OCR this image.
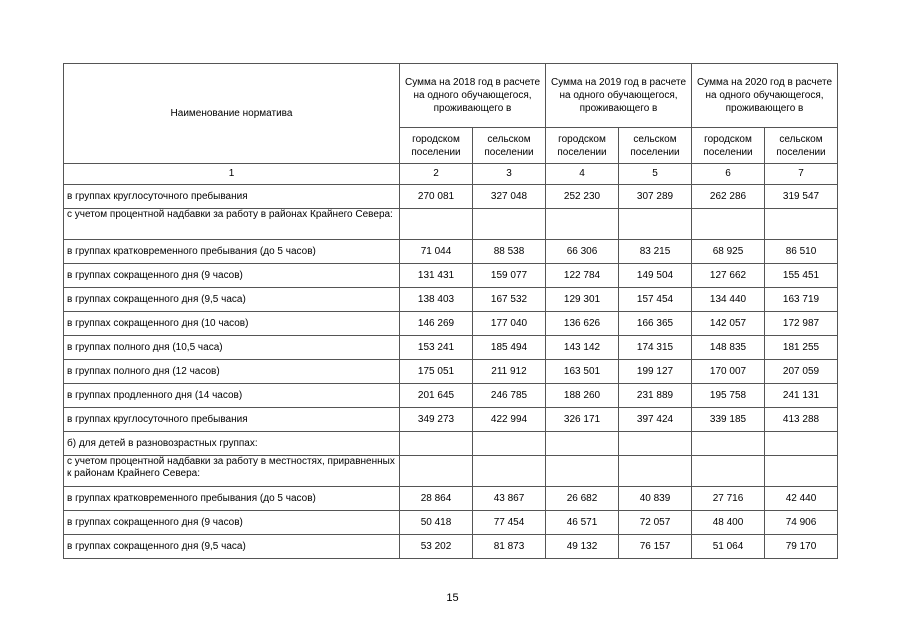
Наименование норматива	Сумма на 2018 год в расчете на одного обучающегося, проживающего в		Сумма на 2019 год в расчете на одного обучающегося, проживающего в		Сумма на 2020 год в расчете на одного обучающегося, проживающего в	
	городском поселении	сельском поселении	городском поселении	сельском поселении	городском поселении	сельском поселении
1	2	3	4	5	6	7
в группах круглосуточного пребывания	270 081	327 048	252 230	307 289	262 286	319 547
с учетом процентной надбавки за работу в районах Крайнего Севера:						
в группах кратковременного пребывания (до 5 часов)	71 044	88 538	66 306	83 215	68 925	86 510
в группах сокращенного дня (9 часов)	131 431	159 077	122 784	149 504	127 662	155 451
в группах сокращенного дня (9,5 часа)	138 403	167 532	129 301	157 454	134 440	163 719
в группах сокращенного дня (10 часов)	146 269	177 040	136 626	166 365	142 057	172 987
в группах полного дня (10,5 часа)	153 241	185 494	143 142	174 315	148 835	181 255
в группах полного дня (12 часов)	175 051	211 912	163 501	199 127	170 007	207 059
в группах продленного дня (14 часов)	201 645	246 785	188 260	231 889	195 758	241 131
в группах круглосуточного пребывания	349 273	422 994	326 171	397 424	339 185	413 288
б) для детей в разновозрастных группах:						
с учетом процентной надбавки за работу в местностях, приравненных к районам Крайнего Севера:						
в группах кратковременного пребывания (до 5 часов)	28 864	43 867	26 682	40 839	27 716	42 440
в группах сокращенного дня (9 часов)	50 418	77 454	46 571	72 057	48 400	74 906
в группах сокращенного дня (9,5 часа)	53 202	81 873	49 132	76 157	51 064	79 170
15
